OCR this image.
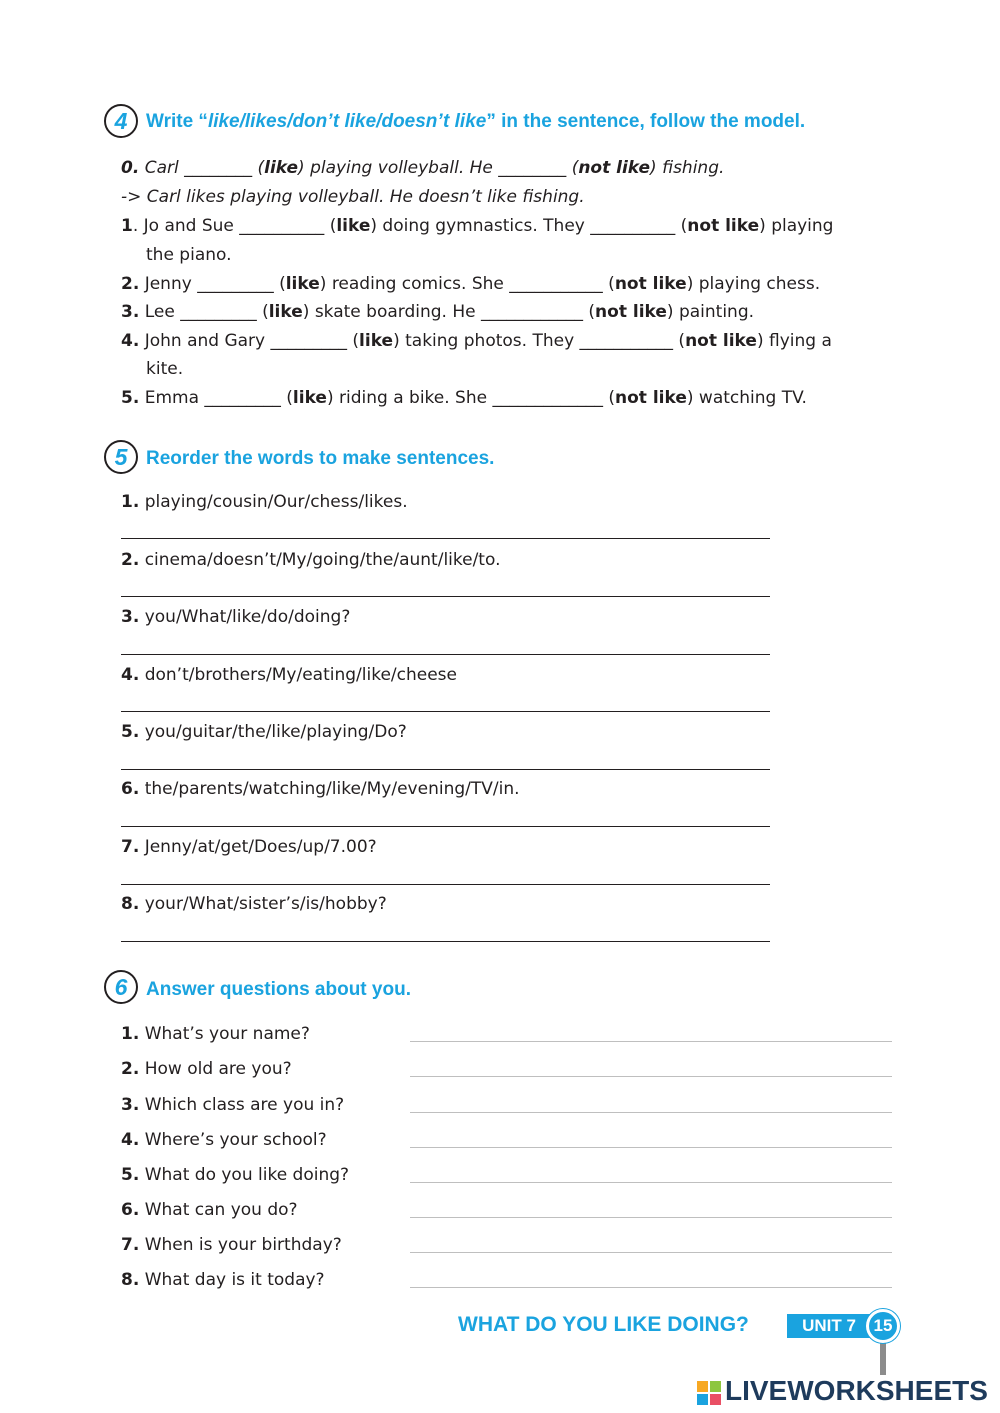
4 Write “like/likes/don’t like/doesn’t like” in the sentence, follow the model.
0. Carl ________ (like) playing volleyball. He ________ (not like) fishing.
-> Carl likes playing volleyball. He doesn’t like fishing.
1. Jo and Sue __________ (like) doing gymnastics. They __________ (not like) playing
the piano.
2. Jenny _________ (like) reading comics. She ___________ (not like) playing chess.
3. Lee _________ (like) skate boarding. He ____________ (not like) painting.
4. John and Gary _________ (like) taking photos. They ___________ (not like) flying a
kite.
5. Emma _________ (like) riding a bike. She _____________ (not like) watching TV.
5 Reorder the words to make sentences.
1. playing/cousin/Our/chess/likes.
2. cinema/doesn’t/My/going/the/aunt/like/to.
3. you/What/like/do/doing?
4. don’t/brothers/My/eating/like/cheese
5. you/guitar/the/like/playing/Do?
6. the/parents/watching/like/My/evening/TV/in.
7. Jenny/at/get/Does/up/7.00?
8. your/What/sister’s/is/hobby?
6 Answer questions about you.
1. What’s your name?
2. How old are you?
3. Which class are you in?
4. Where’s your school?
5. What do you like doing?
6. What can you do?
7. When is your birthday?
8. What day is it today?
WHAT DO YOU LIKE DOING?	UNIT 7	15
LIVEWORKSHEETS
